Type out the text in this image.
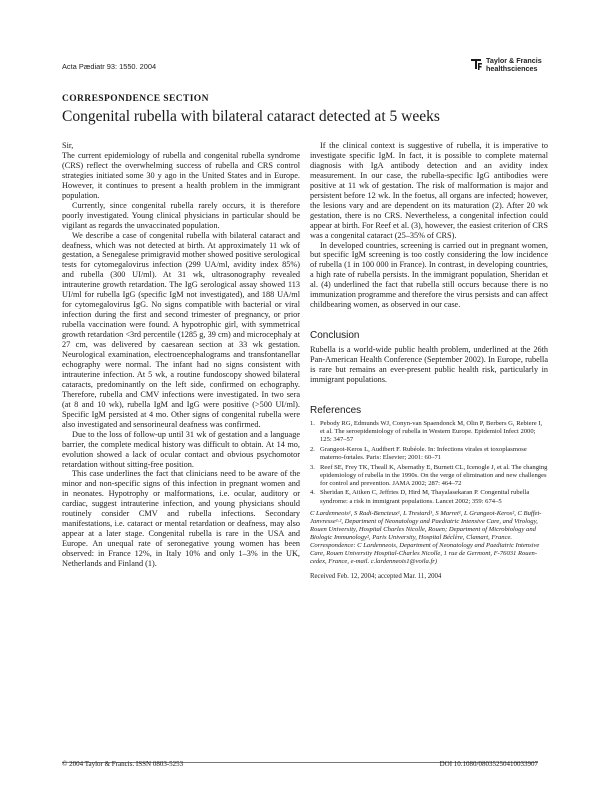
Acta Pædiatr 93: 1550. 2004
Taylor & Francis
healthsciences
CORRESPONDENCE SECTION
Congenital rubella with bilateral cataract detected at 5 weeks

Sir,

The current epidemiology of rubella and congenital rubella syndrome (CRS) reflect the overwhelming success of rubella and CRS control strategies initiated some 30 y ago in the United States and in Europe. However, it continues to present a health problem in the immigrant population.

Currently, since congenital rubella rarely occurs, it is therefore poorly investigated. Young clinical physicians in particular should be vigilant as regards the unvaccinated population.

We describe a case of congenital rubella with bilateral cataract and deafness, which was not detected at birth. At approximately 11 wk of gestation, a Senegalese primigravid mother showed positive serological tests for cytomegalovirus infection (299 UA/ml, avidity index 85%) and rubella (300 UI/ml). At 31 wk, ultrasonography revealed intrauterine growth retardation. The IgG serological assay showed 113 UI/ml for rubella IgG (specific IgM not investigated), and 188 UA/ml for cytomegalovirus IgG. No signs compatible with bacterial or viral infection during the first and second trimester of pregnancy, or prior rubella vaccination were found. A hypotrophic girl, with symmetrical growth retardation <3rd percentile (1285 g, 39 cm) and microcephaly at 27 cm, was delivered by caesarean section at 33 wk gestation. Neurological examination, electroencephalograms and transfontanellar echography were normal. The infant had no signs consistent with intrauterine infection. At 5 wk, a routine fundoscopy showed bilateral cataracts, predominantly on the left side, confirmed on echography. Therefore, rubella and CMV infections were investigated. In two sera (at 8 and 10 wk), rubella IgM and IgG were positive (>500 UI/ml). Specific IgM persisted at 4 mo. Other signs of congenital rubella were also investigated and sensorineural deafness was confirmed.

Due to the loss of follow-up until 31 wk of gestation and a language barrier, the complete medical history was difficult to obtain. At 14 mo, evolution showed a lack of ocular contact and obvious psychomotor retardation without sitting-free position.

This case underlines the fact that clinicians need to be aware of the minor and non-specific signs of this infection in pregnant women and in neonates. Hypotrophy or malformations, i.e. ocular, auditory or cardiac, suggest intrauterine infection, and young physicians should routinely consider CMV and rubella infections. Secondary manifestations, i.e. cataract or mental retardation or deafness, may also appear at a later stage. Congenital rubella is rare in the USA and Europe. An unequal rate of seronegative young women has been observed: in France 12%, in Italy 10% and only 1–3% in the UK, Netherlands and Finland (1).

If the clinical context is suggestive of rubella, it is imperative to investigate specific IgM. In fact, it is possible to complete maternal diagnosis with IgA antibody detection and an avidity index measurement. In our case, the rubella-specific IgG antibodies were positive at 11 wk of gestation. The risk of malformation is major and persistent before 12 wk. In the foetus, all organs are infected; however, the lesions vary and are dependent on its maturation (2). After 20 wk gestation, there is no CRS. Nevertheless, a congenital infection could appear at birth. For Reef et al. (3), however, the easiest criterion of CRS was a congenital cataract (25–35% of CRS).

In developed countries, screening is carried out in pregnant women, but specific IgM screening is too costly considering the low incidence of rubella (1 in 100 000 in France). In contrast, in developing countries, a high rate of rubella persists. In the immigrant population, Sheridan et al. (4) underlined the fact that rubella still occurs because there is no immunization programme and therefore the virus persists and can affect childbearing women, as observed in our case.

Conclusion

Rubella is a world-wide public health problem, underlined at the 26th Pan-American Health Conference (September 2002). In Europe, rubella is rare but remains an ever-present public health risk, particularly in immigrant populations.

References
1. Pebody RG, Edmunds WJ, Conyn-van Spaendonck M, Olin P, Berbers G, Rebiere I, et al. The seroepidemiology of rubella in Western Europe. Epidemiol Infect 2000; 125: 347–57
2. Grangeot-Keros L, Audibert F. Rubéole. In: Infections virales et toxoplasmose materno-fœtales. Paris: Elsevier; 2001: 60–71
3. Reef SE, Frey TK, Theall K, Abernathy E, Burnett CL, Icenogle J, et al. The changing epidemiology of rubella in the 1990s. On the verge of elimination and new challenges for control and prevention. JAMA 2002; 287: 464–72
4. Sheridan E, Aitken C, Jeffries D, Hird M, Thayalasekaran P. Congenital rubella syndrome: a risk in immigrant populations. Lancet 2002; 359: 674–5
C Lardenneois¹, S Radi-Bencteux¹, L Trestard¹, S Marret¹, L Grangeot-Keros², C Buffet-Janvresse¹·², Department of Neonatology and Paediatric Intensive Care, and Virology, Rouen University, Hospital Charles Nicolle, Rouen; Department of Microbiology and Biologic Immunology², Paris University, Hospital Béclère, Clamart, France. Correspondence: C Lardenneois, Department of Neonatology and Paediatric Intensive Care, Rouen University Hospital-Charles Nicolle, 1 rue de Germont, F-76031 Rouen-cedex, France, e-mail. c.lardenneois1@voila.fr)
Received Feb. 12, 2004; accepted Mar. 11, 2004
© 2004 Taylor & Francis. ISSN 0803-5253	DOI 10.1080/08035250410033907
